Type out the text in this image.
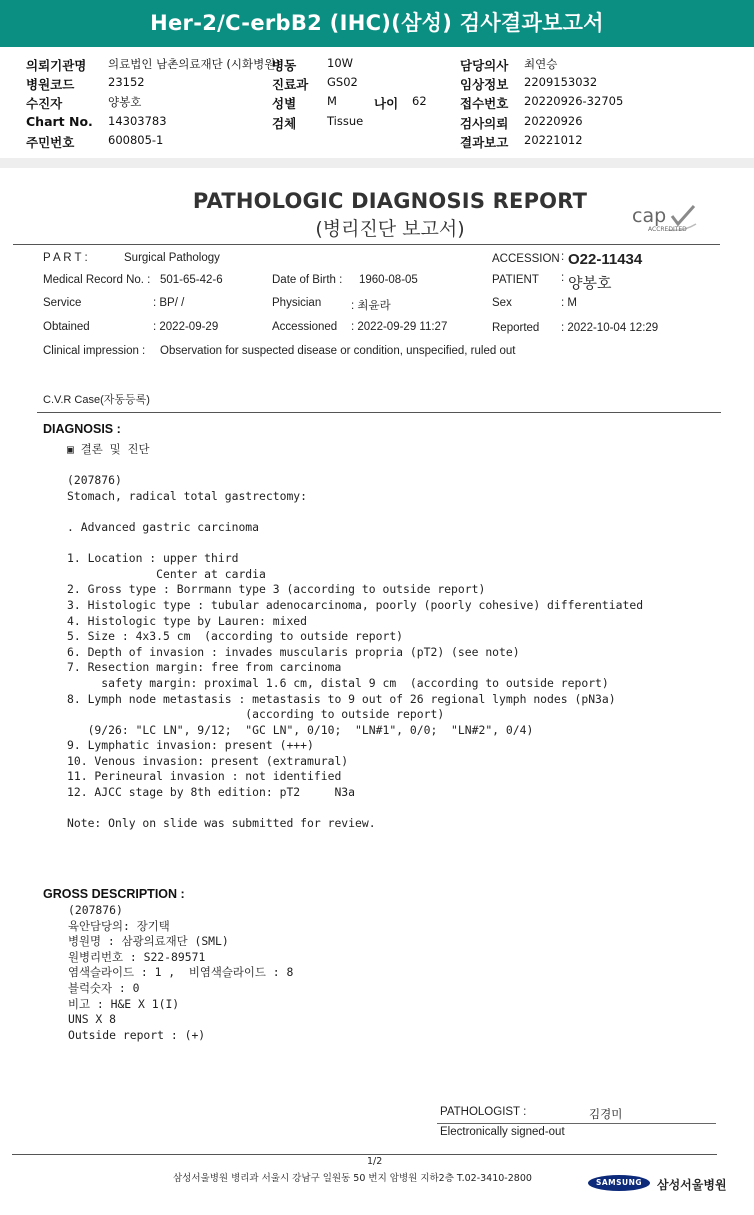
Her-2/C-erbB2 (IHC)(삼성) 검사결과보고서
의뢰기관명 의료법인 남촌의료재단 (시화병원)
병동	10W	담당의사 최연승
병원코드	23152	진료과 GS02	임상정보 2209153032
수진자	양봉호	성별	M	나이 62	접수번호 20220926-32705
Chart No. 14303783	검체	Tissue	검사의뢰 20220926
주민번호	600805-1	결과보고 20221012
PATHOLOGIC DIAGNOSIS REPORT
(병리진단 보고서)
cap
ACCREDITED
P A R T :	Surgical Pathology	ACCESSION : O22-11434
Medical Record No. : 501-65-42-6	Date of Birth : 1960-08-05	PATIENT : 양봉호
Service	: BP/ /	Physician	: 최윤라	Sex	: M
Obtained	: 2022-09-29	Accessioned : 2022-09-29 11:27	Reported : 2022-10-04 12:29
Clinical impression : Observation for suspected disease or condition, unspecified, ruled out
C.V.R Case(자동등록)
DIAGNOSIS :
▣ 결론 및 진단

(207876)
Stomach, radical total gastrectomy:

. Advanced gastric carcinoma

1. Location : upper third
Center at cardia
2. Gross type : Borrmann type 3 (according to outside report)
3. Histologic type : tubular adenocarcinoma, poorly (poorly cohesive) differentiated
4. Histologic type by Lauren: mixed
5. Size : 4x3.5 cm  (according to outside report)
6. Depth of invasion : invades muscularis propria (pT2) (see note)
7. Resection margin: free from carcinoma
safety margin: proximal 1.6 cm, distal 9 cm  (according to outside report)
8. Lymph node metastasis : metastasis to 9 out of 26 regional lymph nodes (pN3a)
(according to outside report)
(9/26: "LC LN", 9/12;  "GC LN", 0/10;  "LN#1", 0/0;  "LN#2", 0/4)
9. Lymphatic invasion: present (+++)
10. Venous invasion: present (extramural)
11. Perineural invasion : not identified
12. AJCC stage by 8th edition: pT2     N3a

Note: Only on slide was submitted for review.
GROSS DESCRIPTION :
(207876)
육안담당의: 장기택
병원명 : 삼광의료재단 (SML)
원병리번호 : S22-89571
염색슬라이드 : 1 ,  비염색슬라이드 : 8
블럭숫자 : 0
비고 : H&E X 1(I)
UNS X 8
Outside report : (+)
PATHOLOGIST :	김경미
Electronically signed-out
1/2
삼성서울병원 병리과 서울시 강남구 일원동 50 번지 암병원 지하2층 T.02-3410-2800	SAMSUNG	삼성서울병원
